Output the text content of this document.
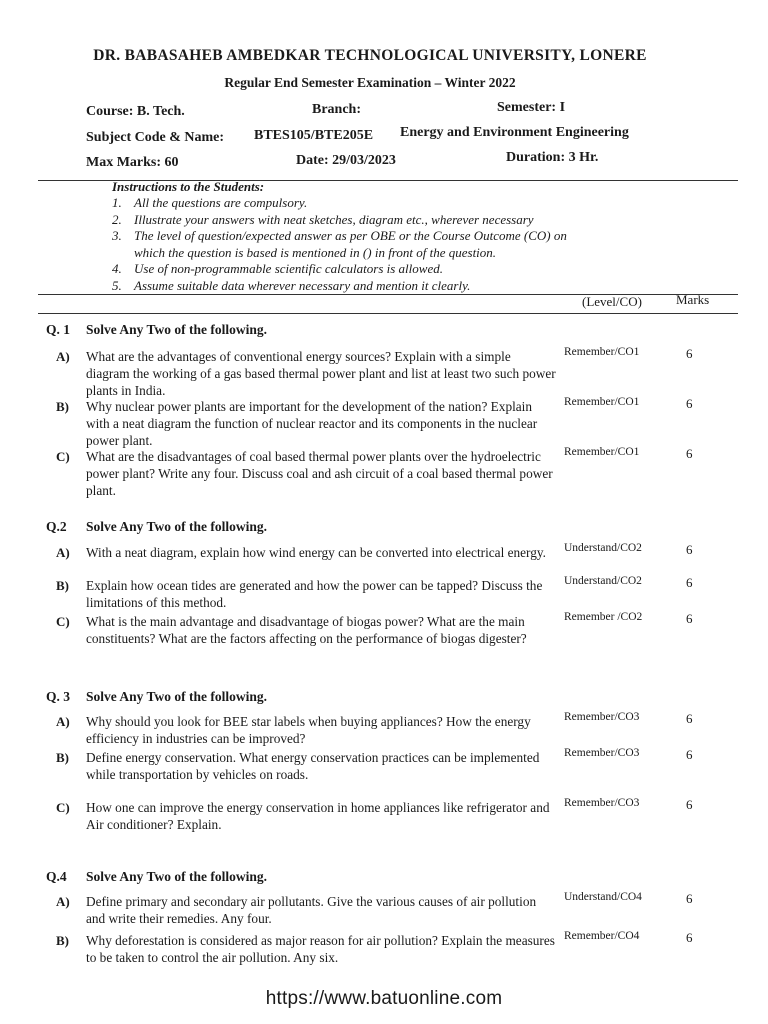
DR. BABASAHEB AMBEDKAR TECHNOLOGICAL UNIVERSITY, LONERE
Regular End Semester Examination – Winter 2022
Course: B. Tech.	Branch:	Semester: I
Subject Code & Name: BTES105/BTE205E Energy and Environment Engineering
Max Marks: 60	Date: 29/03/2023	Duration: 3 Hr.
Instructions to the Students:
1. All the questions are compulsory.
2. Illustrate your answers with neat sketches, diagram etc., wherever necessary
3. The level of question/expected answer as per OBE or the Course Outcome (CO) on
which the question is based is mentioned in () in front of the question.
4. Use of non-programmable scientific calculators is allowed.
5. Assume suitable data wherever necessary and mention it clearly.
(Level/CO)	Marks
Q. 1 Solve Any Two of the following.
A) What are the advantages of conventional energy sources? Explain with a simple diagram the working of a gas based thermal power plant and list at least two such power plants in India.
Remember/CO1	6
B) Why nuclear power plants are important for the development of the nation? Explain with a neat diagram the function of nuclear reactor and its components in the nuclear power plant.
Remember/CO1	6
C) What are the disadvantages of coal based thermal power plants over the hydroelectric power plant? Write any four. Discuss coal and ash circuit of a coal based thermal power plant.
Remember/CO1	6
Q.2 Solve Any Two of the following.
A) With a neat diagram, explain how wind energy can be converted into electrical energy.	Understand/CO2	6
B) Explain how ocean tides are generated and how the power can be tapped? Discuss the limitations of this method.
Understand/CO2	6
C) What is the main advantage and disadvantage of biogas power? What are the main constituents? What are the factors affecting on the performance of biogas digester?
Remember /CO2	6
Q. 3 Solve Any Two of the following.
A) Why should you look for BEE star labels when buying appliances? How the energy efficiency in industries can be improved?
Remember/CO3	6
B) Define energy conservation. What energy conservation practices can be implemented while transportation by vehicles on roads.
Remember/CO3	6
C) How one can improve the energy conservation in home appliances like refrigerator and Air conditioner? Explain.
Remember/CO3	6
Q.4 Solve Any Two of the following.
A) Define primary and secondary air pollutants. Give the various causes of air pollution and write their remedies. Any four.
Understand/CO4	6
B) Why deforestation is considered as major reason for air pollution? Explain the measures to be taken to control the air pollution. Any six.
Remember/CO4	6
https://www.batuonline.com
